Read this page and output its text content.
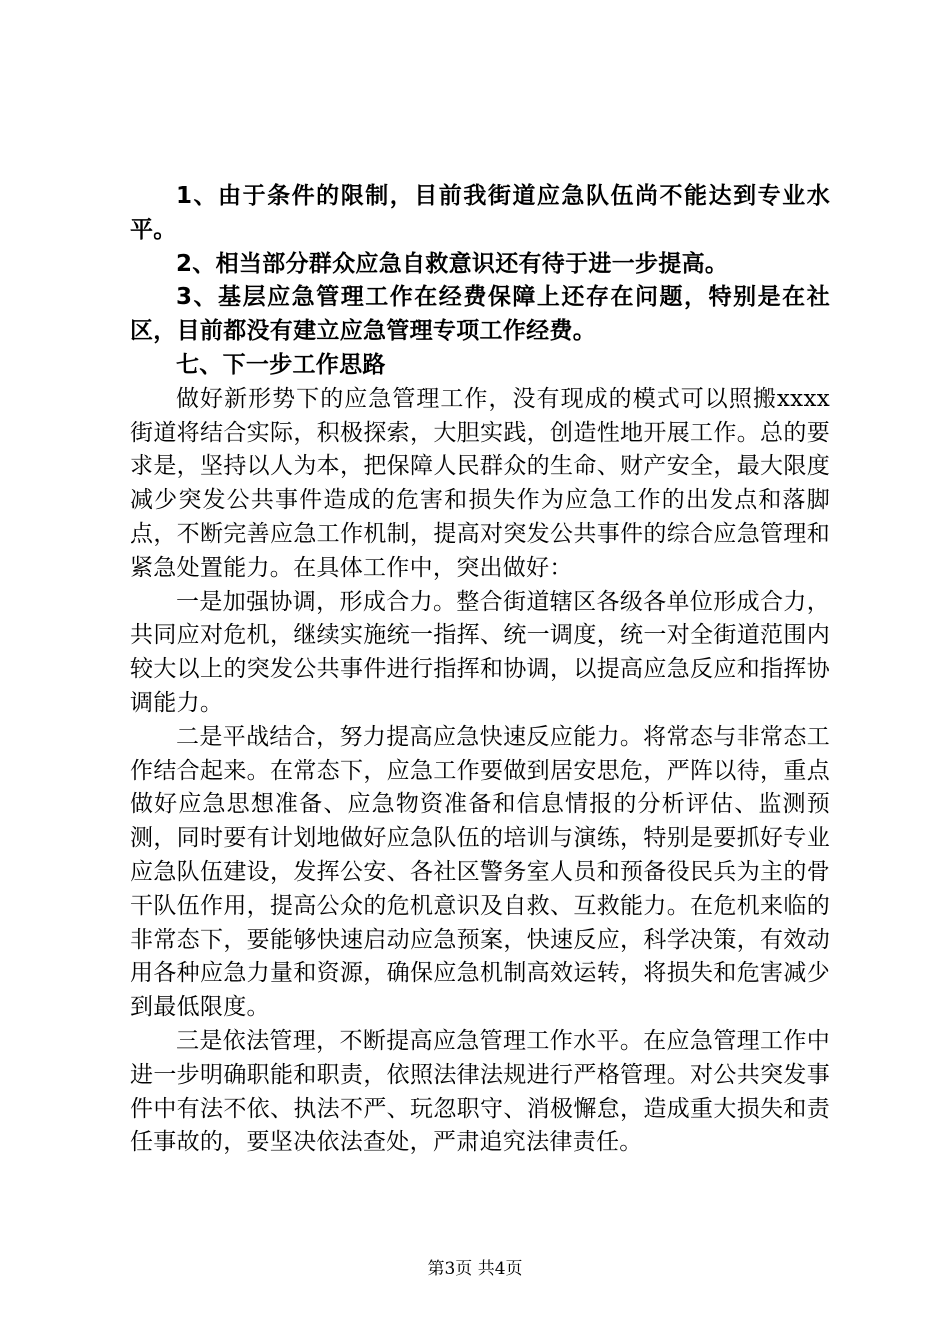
1、由于条件的限制，目前我街道应急队伍尚不能达到专业水平。

2、相当部分群众应急自救意识还有待于进一步提高。

3、基层应急管理工作在经费保障上还存在问题，特别是在社区，目前都没有建立应急管理专项工作经费。

七、下一步工作思路

做好新形势下的应急管理工作，没有现成的模式可以照搬xxxx街道将结合实际，积极探索，大胆实践，创造性地开展工作。总的要求是，坚持以人为本，把保障人民群众的生命、财产安全，最大限度减少突发公共事件造成的危害和损失作为应急工作的出发点和落脚点，不断完善应急工作机制，提高对突发公共事件的综合应急管理和紧急处置能力。在具体工作中，突出做好：

一是加强协调，形成合力。整合街道辖区各级各单位形成合力，共同应对危机，继续实施统一指挥、统一调度，统一对全街道范围内较大以上的突发公共事件进行指挥和协调，以提高应急反应和指挥协调能力。

二是平战结合，努力提高应急快速反应能力。将常态与非常态工作结合起来。在常态下，应急工作要做到居安思危，严阵以待，重点做好应急思想准备、应急物资准备和信息情报的分析评估、监测预测，同时要有计划地做好应急队伍的培训与演练，特别是要抓好专业应急队伍建设，发挥公安、各社区警务室人员和预备役民兵为主的骨干队伍作用，提高公众的危机意识及自救、互救能力。在危机来临的非常态下，要能够快速启动应急预案，快速反应，科学决策，有效动用各种应急力量和资源，确保应急机制高效运转，将损失和危害减少到最低限度。

三是依法管理，不断提高应急管理工作水平。在应急管理工作中进一步明确职能和职责，依照法律法规进行严格管理。对公共突发事件中有法不依、执法不严、玩忽职守、消极懈怠，造成重大损失和责任事故的，要坚决依法查处，严肃追究法律责任。

第3页 共4页
